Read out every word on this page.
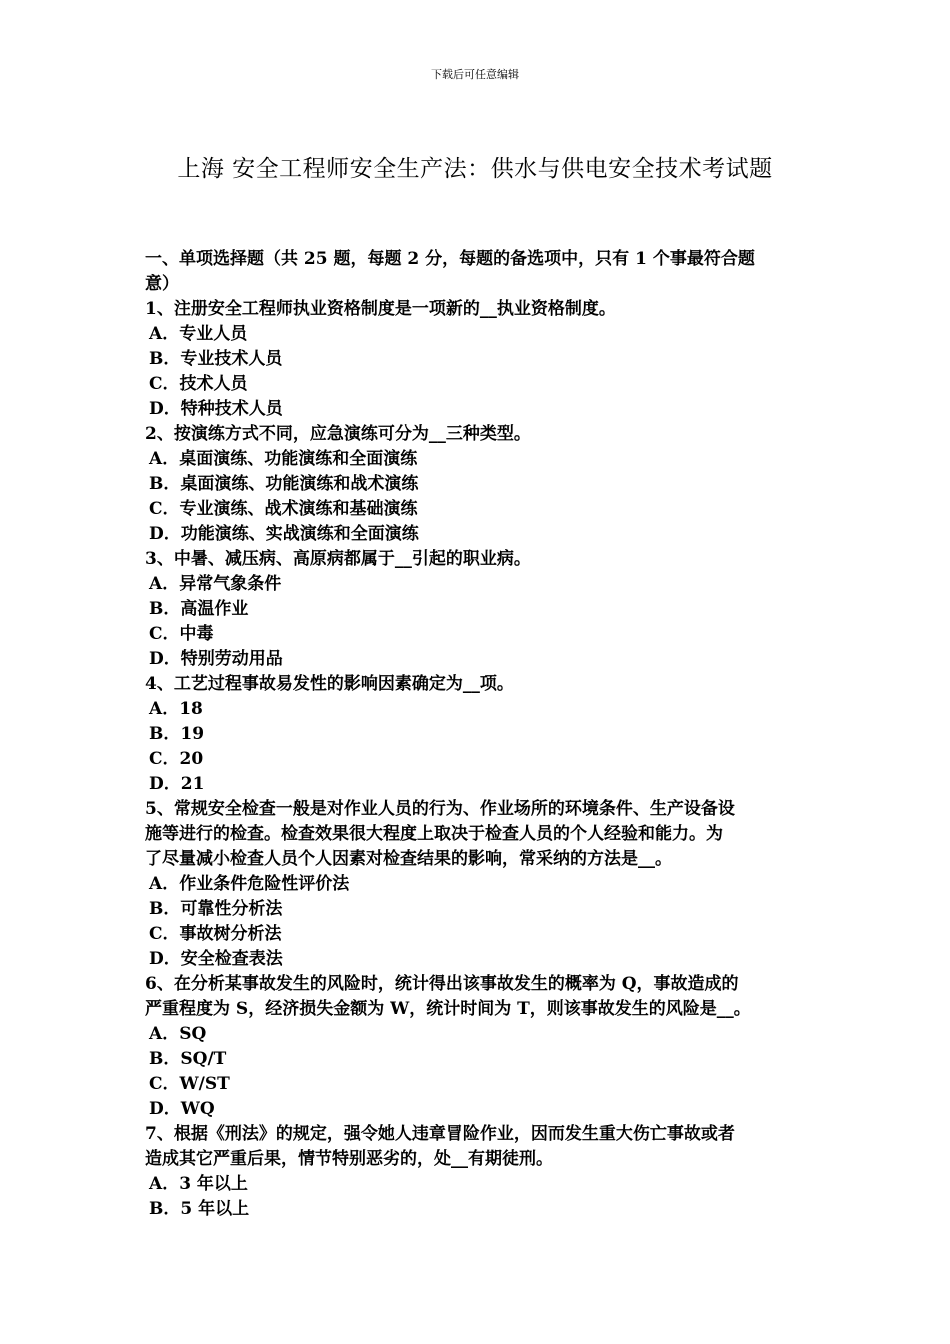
下载后可任意编辑
上海 安全工程师安全生产法：供水与供电安全技术考试题
一、单项选择题（共 25 题，每题 2 分，每题的备选项中，只有 1 个事最符合题
意）
1、注册安全工程师执业资格制度是一项新的__执业资格制度。
A．专业人员
B．专业技术人员
C．技术人员
D．特种技术人员
2、按演练方式不同，应急演练可分为__三种类型。
A．桌面演练、功能演练和全面演练
B．桌面演练、功能演练和战术演练
C．专业演练、战术演练和基础演练
D．功能演练、实战演练和全面演练
3、中暑、减压病、高原病都属于__引起的职业病。
A．异常气象条件
B．高温作业
C．中毒
D．特别劳动用品
4、工艺过程事故易发性的影响因素确定为__项。
A．18
B．19
C．20
D．21
5、常规安全检查一般是对作业人员的行为、作业场所的环境条件、生产设备设
施等进行的检查。检查效果很大程度上取决于检查人员的个人经验和能力。为
了尽量减小检查人员个人因素对检查结果的影响，常采纳的方法是__。
A．作业条件危险性评价法
B．可靠性分析法
C．事故树分析法
D．安全检查表法
6、在分析某事故发生的风险时，统计得出该事故发生的概率为 Q，事故造成的
严重程度为 S，经济损失金额为 W，统计时间为 T，则该事故发生的风险是__。
A．SQ
B．SQ/T
C．W/ST
D．WQ
7、根据《刑法》的规定，强令她人违章冒险作业，因而发生重大伤亡事故或者
造成其它严重后果，情节特别恶劣的，处__有期徒刑。
A．3 年以上
B．5 年以上
